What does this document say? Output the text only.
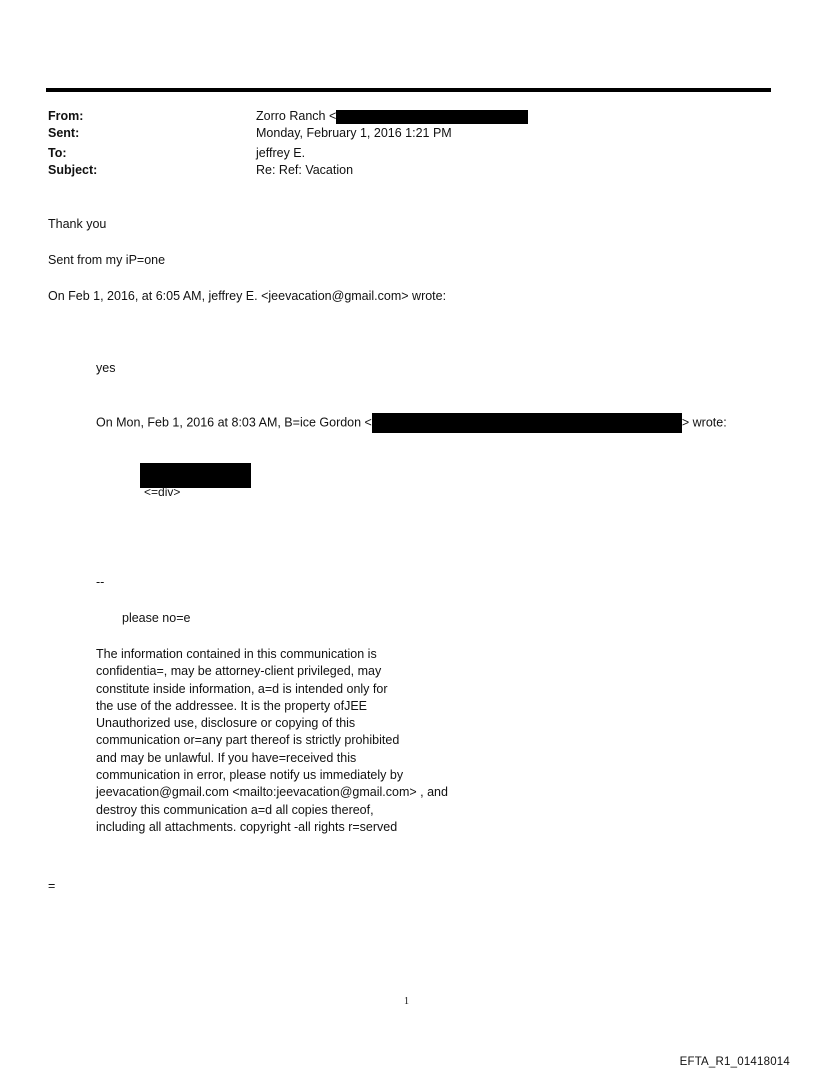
From:	Zorro Ranch <
Sent:	Monday, February 1, 2016 1:21 PM
To:	jeffrey E.
Subject:	Re: Ref: Vacation
Thank you
Sent from my iP=one
On Feb 1, 2016, at 6:05 AM, jeffrey E. <jeevacation@gmail.com> wrote:
yes
On Mon, Feb 1, 2016 at 8:03 AM, B=ice Gordon <	> wrote:
<=div>
--
please no=e
The information contained in this communication is
confidentia=, may be attorney-client privileged, may
constitute inside information, a=d is intended only for
the use of the addressee. It is the property ofJEE
Unauthorized use, disclosure or copying of this
communication or=any part thereof is strictly prohibited
and may be unlawful. If you have=received this
communication in error, please notify us immediately by
jeevacation@gmail.com <mailto:jeevacation@gmail.com> , and
destroy this communication a=d all copies thereof,
including all attachments. copyright -all rights r=served
=
1
EFTA_R1_01418014
